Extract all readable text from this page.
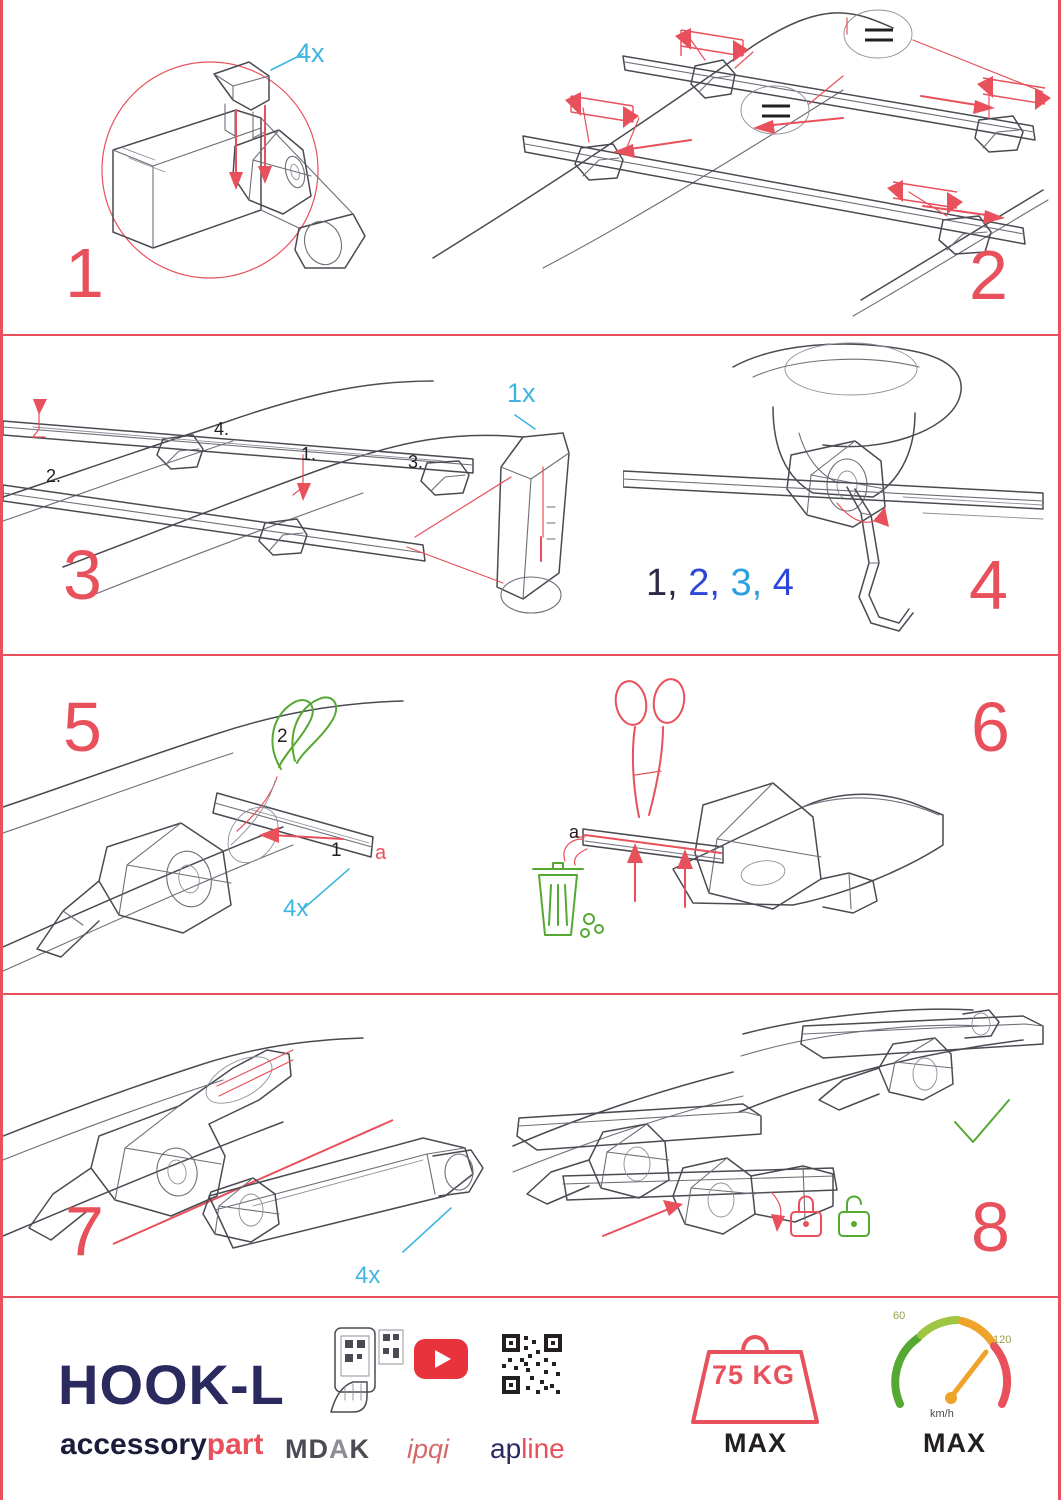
4x
1	2
1x
1.
2.
3.
4.
3	1, 2, 3, 4	4
5	2
1 a
4x
a
6
4x
7	8
HOOK-L
accessorypart MDAK ipqi apline
75 KG
MAX
60
120
km/h
MAX
